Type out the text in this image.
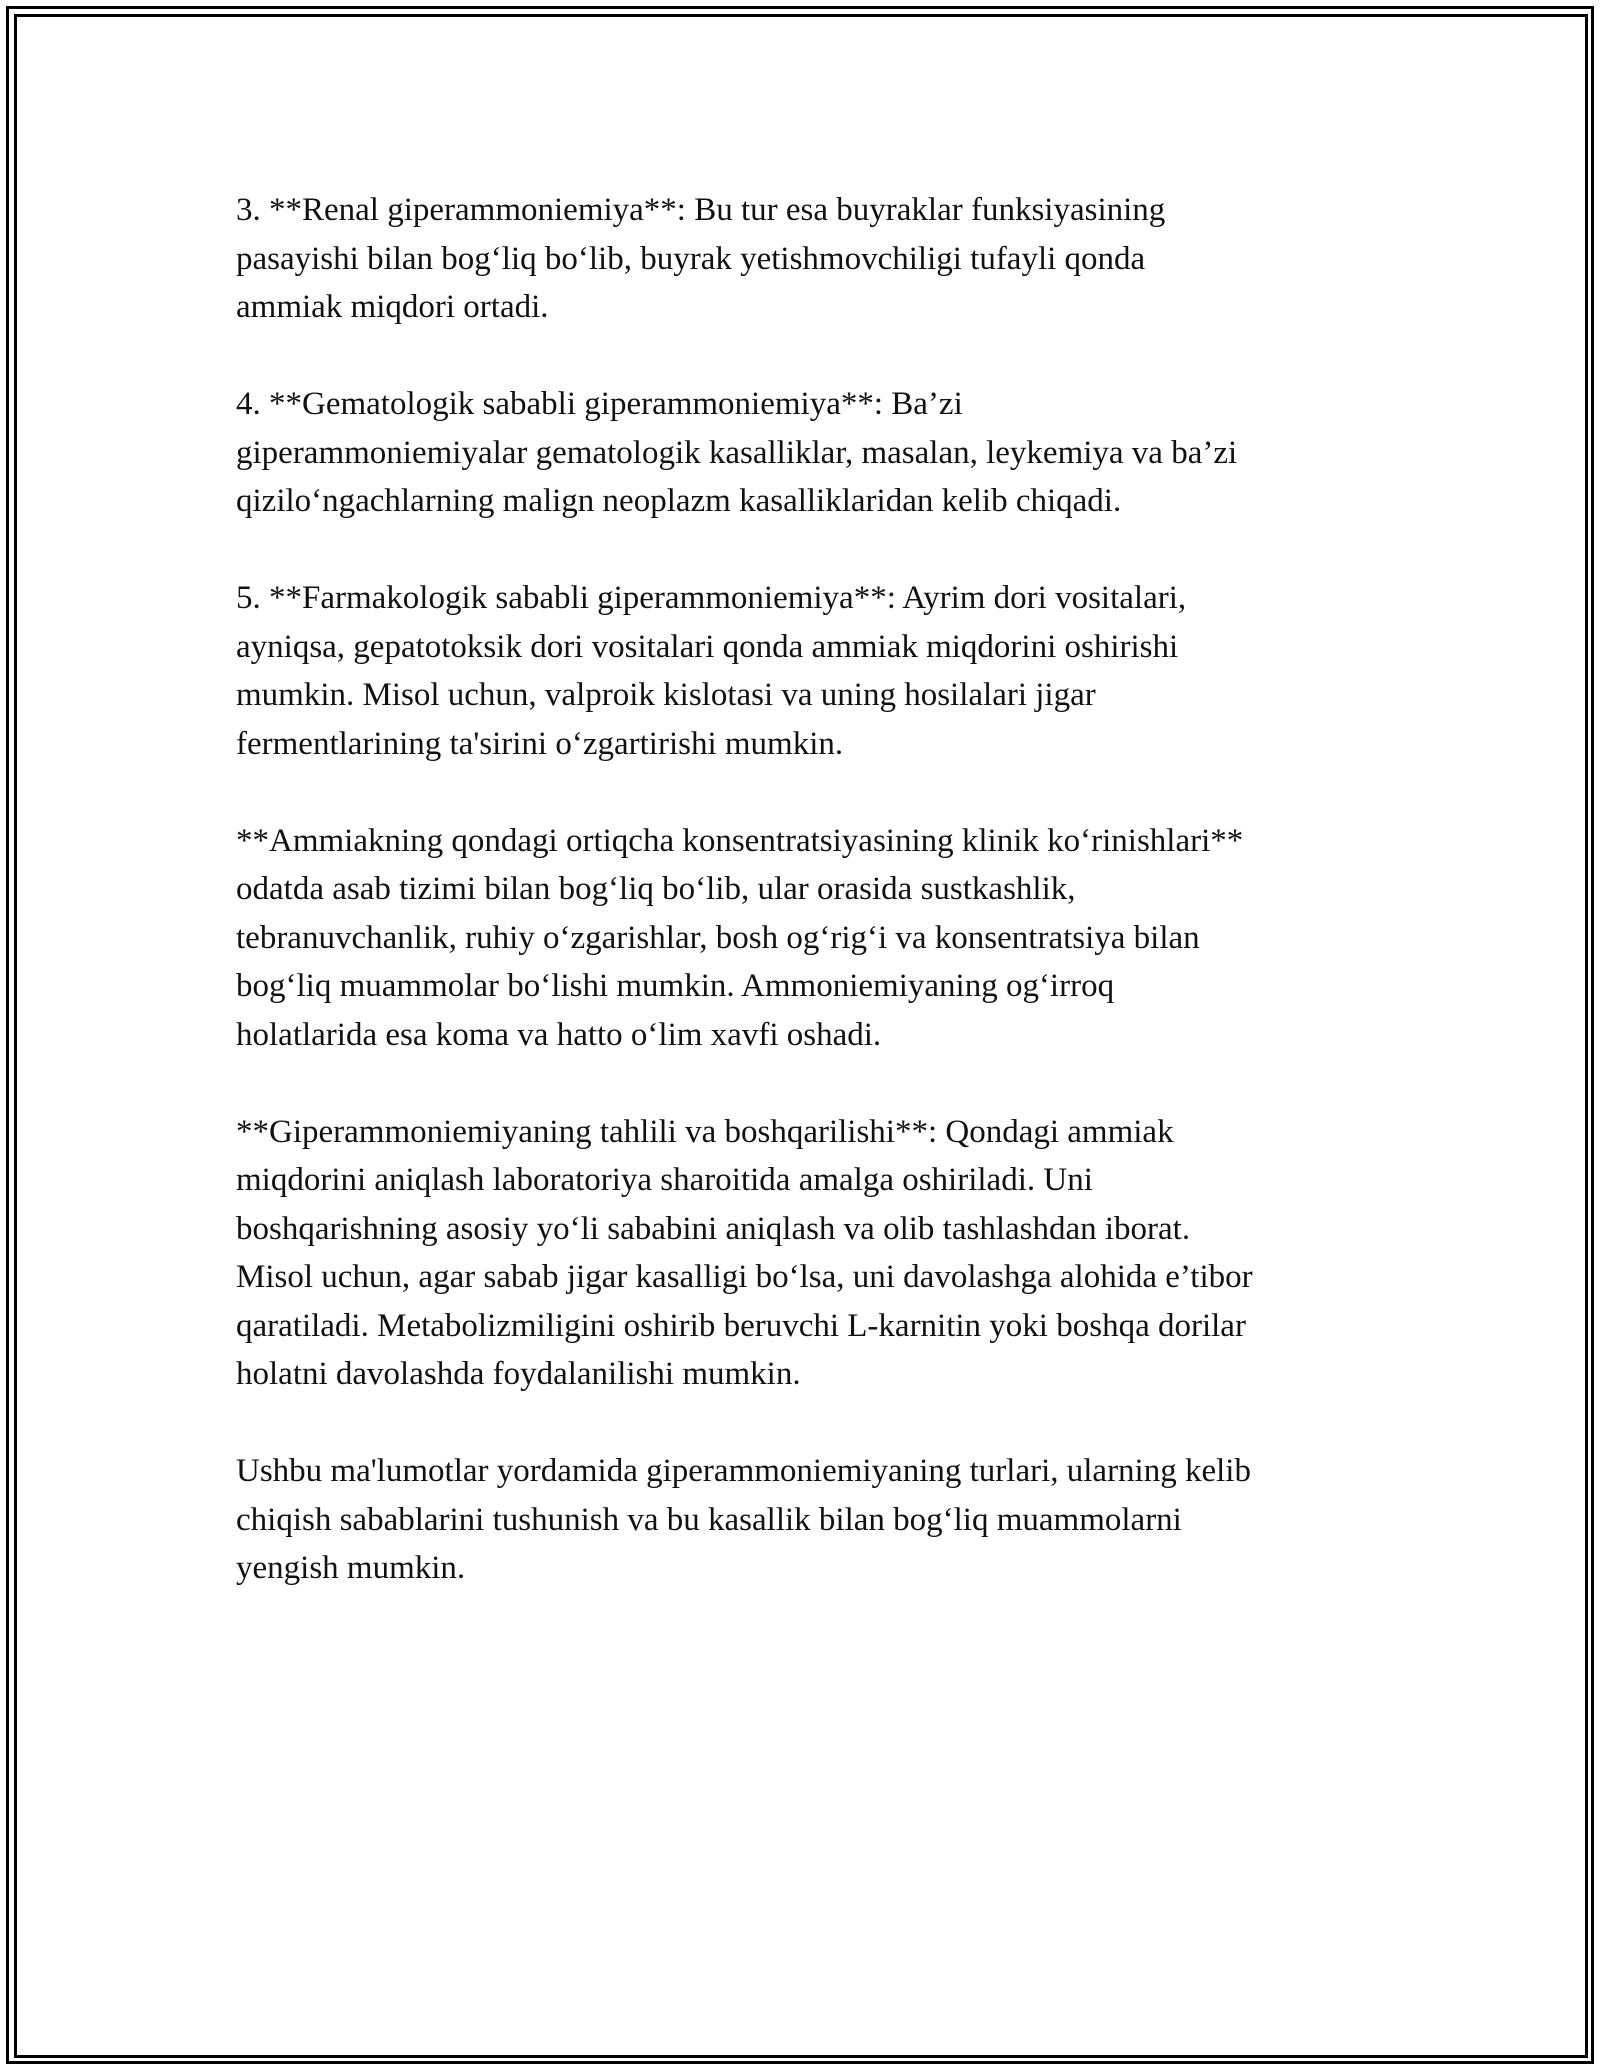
3. **Renal giperammoniemiya**: Bu tur esa buyraklar funksiyasining
pasayishi bilan bog‘liq bo‘lib, buyrak yetishmovchiligi tufayli qonda
ammiak miqdori ortadi.

4. **Gematologik sababli giperammoniemiya**: Ba’zi
giperammoniemiyalar gematologik kasalliklar, masalan, leykemiya va ba’zi
qizilo‘ngachlarning malign neoplazm kasalliklaridan kelib chiqadi.

5. **Farmakologik sababli giperammoniemiya**: Ayrim dori vositalari,
ayniqsa, gepatotoksik dori vositalari qonda ammiak miqdorini oshirishi
mumkin. Misol uchun, valproik kislotasi va uning hosilalari jigar
fermentlarining ta'sirini o‘zgartirishi mumkin.

**Ammiakning qondagi ortiqcha konsentratsiyasining klinik ko‘rinishlari**
odatda asab tizimi bilan bog‘liq bo‘lib, ular orasida sustkashlik,
tebranuvchanlik, ruhiy o‘zgarishlar, bosh og‘rig‘i va konsentratsiya bilan
bog‘liq muammolar bo‘lishi mumkin. Ammoniemiyaning og‘irroq
holatlarida esa koma va hatto o‘lim xavfi oshadi.

**Giperammoniemiyaning tahlili va boshqarilishi**: Qondagi ammiak
miqdorini aniqlash laboratoriya sharoitida amalga oshiriladi. Uni
boshqarishning asosiy yo‘li sababini aniqlash va olib tashlashdan iborat.
Misol uchun, agar sabab jigar kasalligi bo‘lsa, uni davolashga alohida e’tibor
qaratiladi. Metabolizmiligini oshirib beruvchi L-karnitin yoki boshqa dorilar
holatni davolashda foydalanilishi mumkin.

Ushbu ma'lumotlar yordamida giperammoniemiyaning turlari, ularning kelib
chiqish sabablarini tushunish va bu kasallik bilan bog‘liq muammolarni
yengish mumkin.
